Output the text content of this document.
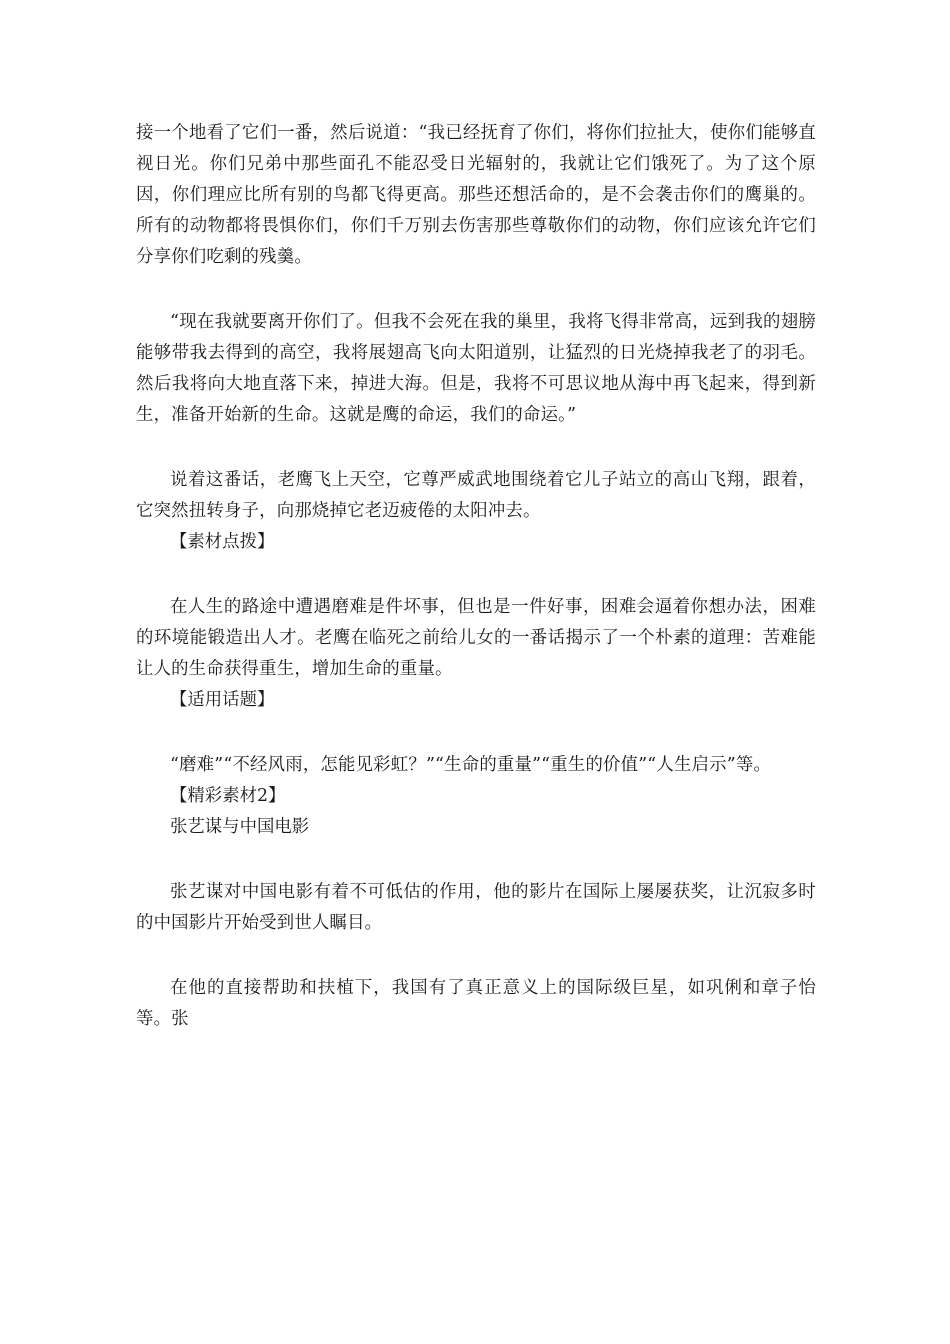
接一个地看了它们一番，然后说道：“我已经抚育了你们，将你们拉扯大，使你们能够直视日光。你们兄弟中那些面孔不能忍受日光辐射的，我就让它们饿死了。为了这个原因，你们理应比所有别的鸟都飞得更高。那些还想活命的，是不会袭击你们的鹰巢的。所有的动物都将畏惧你们，你们千万别去伤害那些尊敬你们的动物，你们应该允许它们分享你们吃剩的残羹。

“现在我就要离开你们了。但我不会死在我的巢里，我将飞得非常高，远到我的翅膀能够带我去得到的高空，我将展翅高飞向太阳道别，让猛烈的日光烧掉我老了的羽毛。然后我将向大地直落下来，掉进大海。但是，我将不可思议地从海中再飞起来，得到新生，准备开始新的生命。这就是鹰的命运，我们的命运。”

说着这番话，老鹰飞上天空，它尊严威武地围绕着它儿子站立的高山飞翔，跟着，它突然扭转身子，向那烧掉它老迈疲倦的太阳冲去。

【素材点拨】

在人生的路途中遭遇磨难是件坏事，但也是一件好事，困难会逼着你想办法，困难的环境能锻造出人才。老鹰在临死之前给儿女的一番话揭示了一个朴素的道理：苦难能让人的生命获得重生，增加生命的重量。

【适用话题】

“磨难”“不经风雨，怎能见彩虹？”“生命的重量”“重生的价值”“人生启示”等。

【精彩素材2】

张艺谋与中国电影

张艺谋对中国电影有着不可低估的作用，他的影片在国际上屡屡获奖，让沉寂多时的中国影片开始受到世人瞩目。

在他的直接帮助和扶植下，我国有了真正意义上的国际级巨星，如巩俐和章子怡等。张
